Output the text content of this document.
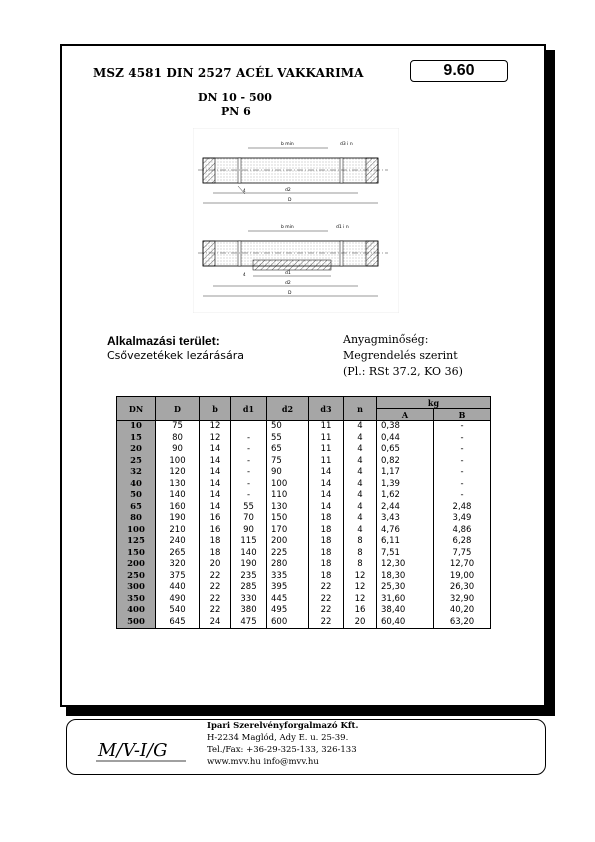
MSZ 4581 DIN 2527 ACÉL VAKKARIMA	9.60
DN 10 - 500
PN 6
b min	d3 i n
d2
D
4
b min	d1 i n
d2
D
d1
4
Alkalmazási terület:
Csővezetékek lezárására
Anyagminőség:
Megrendelés szerint
(Pl.: RSt 37.2, KO 36)
DN	D	b	d1	d2	d3	n	kg	
							A	B
10	75	12		50	11	4	0,38	-
15	80	12	-	55	11	4	0,44	-
20	90	14	-	65	11	4	0,65	-
25	100	14	-	75	11	4	0,82	-
32	120	14	-	90	14	4	1,17	-
40	130	14	-	100	14	4	1,39	-
50	140	14	-	110	14	4	1,62	-
65	160	14	55	130	14	4	2,44	2,48
80	190	16	70	150	18	4	3,43	3,49
100	210	16	90	170	18	4	4,76	4,86
125	240	18	115	200	18	8	6,11	6,28
150	265	18	140	225	18	8	7,51	7,75
200	320	20	190	280	18	8	12,30	12,70
250	375	22	235	335	18	12	18,30	19,00
300	440	22	285	395	22	12	25,30	26,30
350	490	22	330	445	22	12	31,60	32,90
400	540	22	380	495	22	16	38,40	40,20
500	645	24	475	600	22	20	60,40	63,20
M/V-I/G
Ipari Szerelvényforgalmazó Kft.
H-2234 Maglód, Ady E. u. 25-39.
Tel./Fax: +36-29-325-133, 326-133
www.mvv.hu info@mvv.hu
